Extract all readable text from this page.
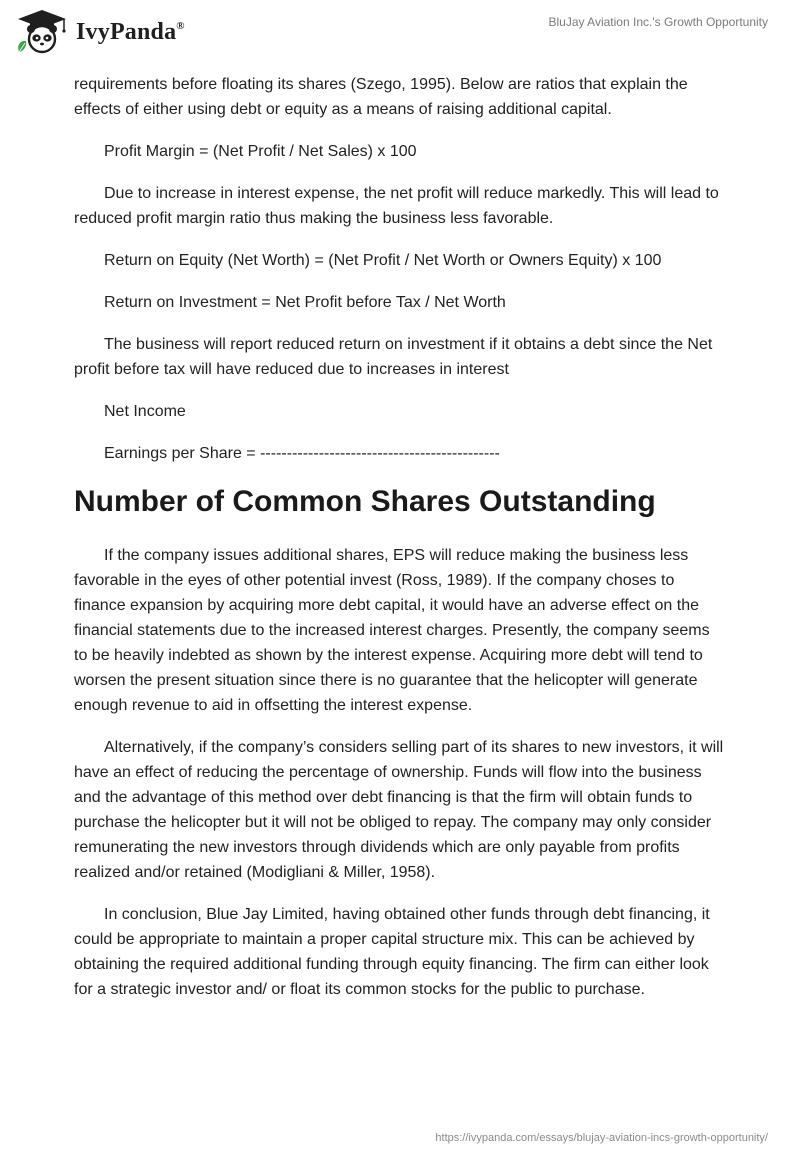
IvyPanda®	BluJay Aviation Inc.'s Growth Opportunity

requirements before floating its shares (Szego, 1995). Below are ratios that explain the effects of either using debt or equity as a means of raising additional capital.

Profit Margin = (Net Profit / Net Sales) x 100

Due to increase in interest expense, the net profit will reduce markedly. This will lead to reduced profit margin ratio thus making the business less favorable.

Return on Equity (Net Worth) = (Net Profit / Net Worth or Owners Equity) x 100

Return on Investment = Net Profit before Tax / Net Worth

The business will report reduced return on investment if it obtains a debt since the Net profit before tax will have reduced due to increases in interest

Net Income

Earnings per Share = ---------------------------------------------

Number of Common Shares Outstanding

If the company issues additional shares, EPS will reduce making the business less favorable in the eyes of other potential invest (Ross, 1989). If the company choses to finance expansion by acquiring more debt capital, it would have an adverse effect on the financial statements due to the increased interest charges. Presently, the company seems to be heavily indebted as shown by the interest expense. Acquiring more debt will tend to worsen the present situation since there is no guarantee that the helicopter will generate enough revenue to aid in offsetting the interest expense.

Alternatively, if the company’s considers selling part of its shares to new investors, it will have an effect of reducing the percentage of ownership. Funds will flow into the business and the advantage of this method over debt financing is that the firm will obtain funds to purchase the helicopter but it will not be obliged to repay. The company may only consider remunerating the new investors through dividends which are only payable from profits realized and/or retained (Modigliani & Miller, 1958).

In conclusion, Blue Jay Limited, having obtained other funds through debt financing, it could be appropriate to maintain a proper capital structure mix. This can be achieved by obtaining the required additional funding through equity financing. The firm can either look for a strategic investor and/ or float its common stocks for the public to purchase.

https://ivypanda.com/essays/blujay-aviation-incs-growth-opportunity/
